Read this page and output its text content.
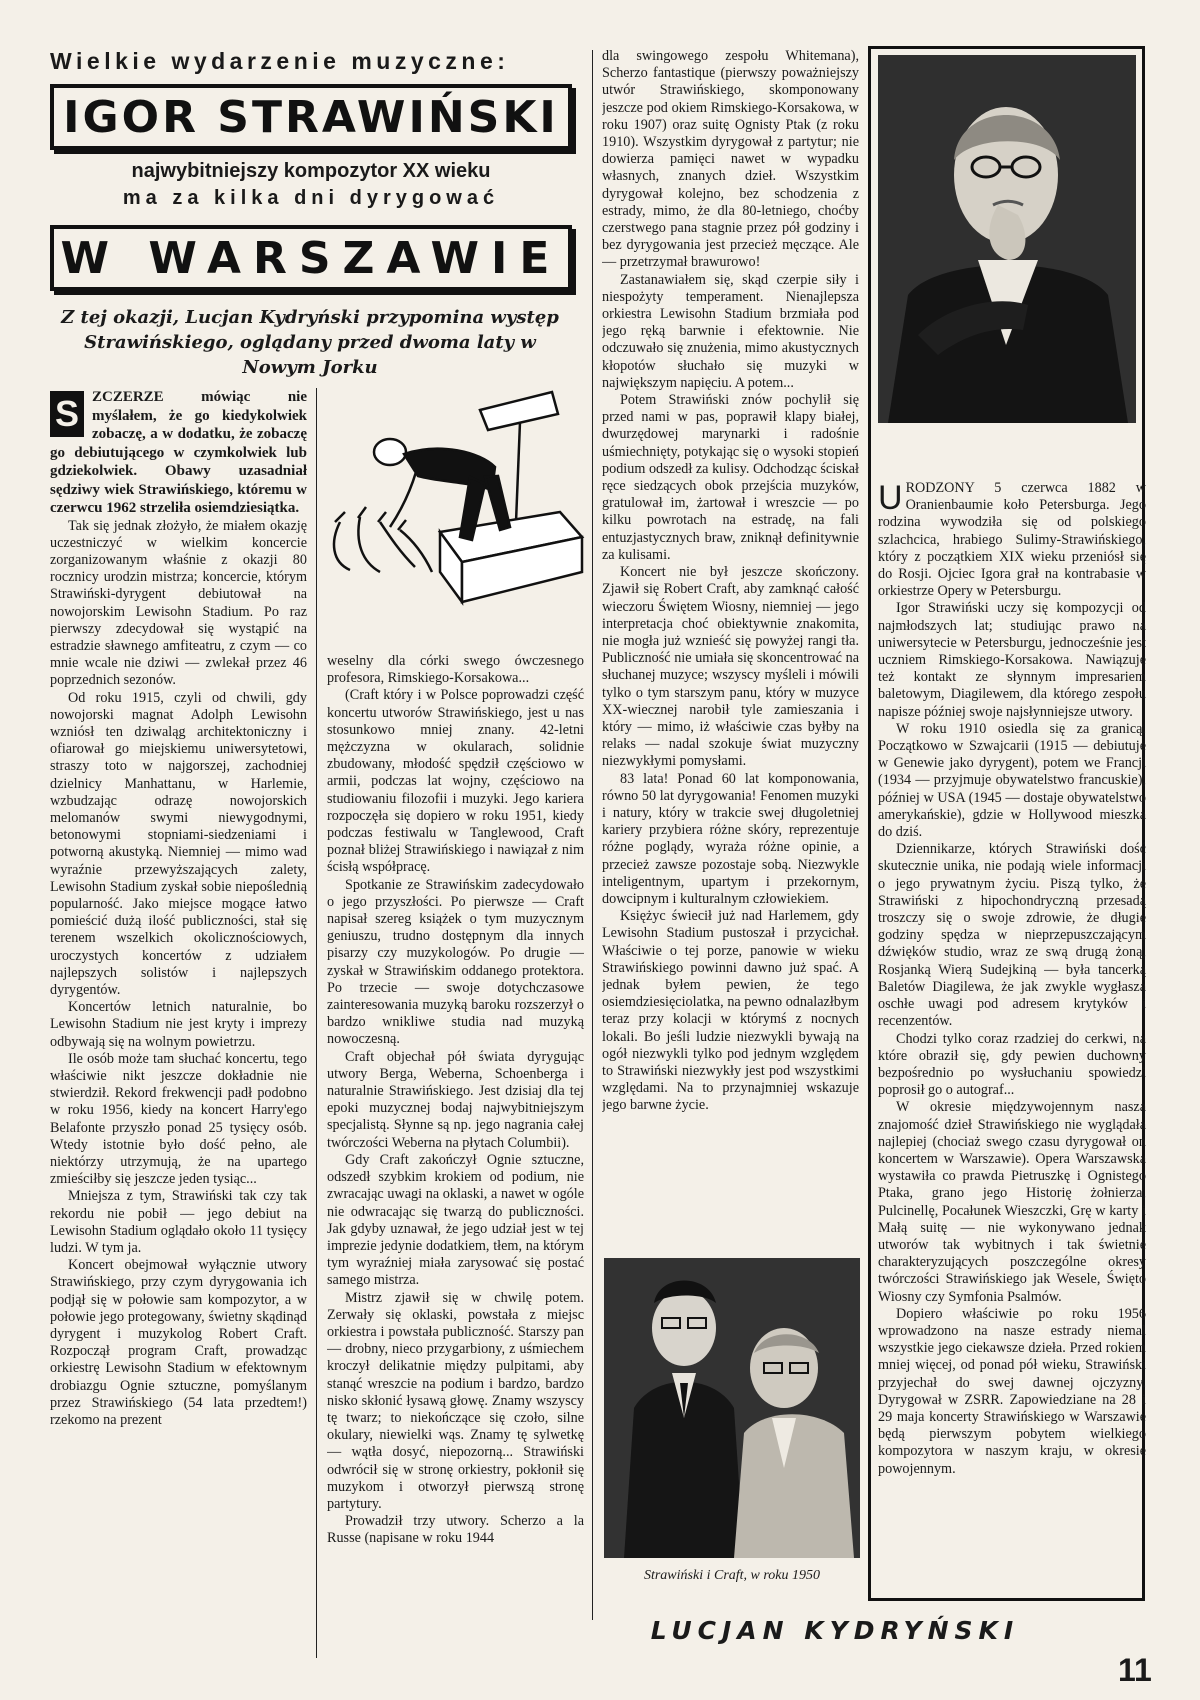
Wielkie wydarzenie muzyczne:
IGOR STRAWIŃSKI
najwybitniejszy kompozytor XX wieku
ma za kilka dni dyrygować
W WARSZAWIE
Z tej okazji, Lucjan Kydryński przypomina występ Strawińskiego, oglądany przed dwoma laty w Nowym Jorku
S ZCZERZE mówiąc nie myślałem, że go kiedykolwiek zobaczę, a w dodatku, że zobaczę go debiutującego w czymkolwiek lub gdziekolwiek. Obawy uzasadniał sędziwy wiek Strawińskiego, któremu w czerwcu 1962 strzeliła osiemdziesiątka.

Tak się jednak złożyło, że miałem okazję uczestniczyć w wielkim koncercie zorganizowanym właśnie z okazji 80 rocznicy urodzin mistrza; koncercie, którym Strawiński-dyrygent debiutował na nowojorskim Lewisohn Stadium. Po raz pierwszy zdecydował się wystąpić na estradzie sławnego amfiteatru, z czym — co mnie wcale nie dziwi — zwlekał przez 46 poprzednich sezonów.

Od roku 1915, czyli od chwili, gdy nowojorski magnat Adolph Lewisohn wzniósł ten dziwaląg architektoniczny i ofiarował go miejskiemu uniwersytetowi, straszy toto w najgorszej, zachodniej dzielnicy Manhattanu, w Harlemie, wzbudzając odrazę nowojorskich melomanów swymi niewygodnymi, betonowymi stopniami-siedzeniami i potworną akustyką. Niemniej — mimo wad wyraźnie przewyższających zalety, Lewisohn Stadium zyskał sobie niepoślednią popularność. Jako miejsce mogące łatwo pomieścić dużą ilość publiczności, stał się terenem wszelkich okolicznościowych, uroczystych koncertów z udziałem najlepszych solistów i najlepszych dyrygentów.

Koncertów letnich naturalnie, bo Lewisohn Stadium nie jest kryty i imprezy odbywają się na wolnym powietrzu.

Ile osób może tam słuchać koncertu, tego właściwie nikt jeszcze dokładnie nie stwierdził. Rekord frekwencji padł podobno w roku 1956, kiedy na koncert Harry'ego Belafonte przyszło ponad 25 tysięcy osób. Wtedy istotnie było dość pełno, ale niektórzy utrzymują, że na upartego zmieściłby się jeszcze jeden tysiąc...

Mniejsza z tym, Strawiński tak czy tak rekordu nie pobił — jego debiut na Lewisohn Stadium oglądało około 11 tysięcy ludzi. W tym ja.

Koncert obejmował wyłącznie utwory Strawińskiego, przy czym dyrygowania ich podjął się w połowie sam kompozytor, a w połowie jego protegowany, świetny skądinąd dyrygent i muzykolog Robert Craft. Rozpoczął program Craft, prowadząc orkiestrę Lewisohn Stadium w efektownym drobiazgu Ognie sztuczne, pomyślanym przez Strawińskiego (54 lata przedtem!) rzekomo na prezent

weselny dla córki swego ówczesnego profesora, Rimskiego-Korsakowa...

(Craft który i w Polsce poprowadzi część koncertu utworów Strawińskiego, jest u nas stosunkowo mniej znany. 42-letni mężczyzna w okularach, solidnie zbudowany, młodość spędził częściowo w armii, podczas lat wojny, częściowo na studiowaniu filozofii i muzyki. Jego kariera rozpoczęła się dopiero w roku 1951, kiedy podczas festiwalu w Tanglewood, Craft poznał bliżej Strawińskiego i nawiązał z nim ścisłą współpracę.

Spotkanie ze Strawińskim zadecydowało o jego przyszłości. Po pierwsze — Craft napisał szereg książek o tym muzycznym geniuszu, trudno dostępnym dla innych pisarzy czy muzykologów. Po drugie — zyskał w Strawińskim oddanego protektora. Po trzecie — swoje dotychczasowe zainteresowania muzyką baroku rozszerzył o bardzo wnikliwe studia nad muzyką nowoczesną.

Craft objechał pół świata dyrygując utwory Berga, Weberna, Schoenberga i naturalnie Strawińskiego. Jest dzisiaj dla tej epoki muzycznej bodaj najwybitniejszym specjalistą. Słynne są np. jego nagrania całej twórczości Weberna na płytach Columbii).

Gdy Craft zakończył Ognie sztuczne, odszedł szybkim krokiem od podium, nie zwracając uwagi na oklaski, a nawet w ogóle nie odwracając się twarzą do publiczności. Jak gdyby uznawał, że jego udział jest w tej imprezie jedynie dodatkiem, tłem, na którym tym wyraźniej miała zarysować się postać samego mistrza.

Mistrz zjawił się w chwilę potem. Zerwały się oklaski, powstała z miejsc orkiestra i powstała publiczność. Starszy pan — drobny, nieco przygarbiony, z uśmiechem kroczył delikatnie między pulpitami, aby stanąć wreszcie na podium i bardzo, bardzo nisko skłonić łysawą głowę. Znamy wszyscy tę twarz; to niekończące się czoło, silne okulary, niewielki wąs. Znamy tę sylwetkę — wątła dosyć, niepozorną... Strawiński odwrócił się w stronę orkiestry, pokłonił się muzykom i otworzył pierwszą stronę partytury.

Prowadził trzy utwory. Scherzo a la Russe (napisane w roku 1944

dla swingowego zespołu Whitemana), Scherzo fantastique (pierwszy poważniejszy utwór Strawińskiego, skomponowany jeszcze pod okiem Rimskiego-Korsakowa, w roku 1907) oraz suitę Ognisty Ptak (z roku 1910). Wszystkim dyrygował z partytur; nie dowierza pamięci nawet w wypadku własnych, znanych dzieł. Wszystkim dyrygował kolejno, bez schodzenia z estrady, mimo, że dla 80-letniego, choćby czerstwego pana stagnie przez pół godziny i bez dyrygowania jest przecież męczące. Ale — przetrzymał brawurowo!

Zastanawiałem się, skąd czerpie siły i niespożyty temperament. Nienajlepsza orkiestra Lewisohn Stadium brzmiała pod jego ręką barwnie i efektownie. Nie odczuwało się znużenia, mimo akustycznych kłopotów słuchało się muzyki w największym napięciu. A potem...

Potem Strawiński znów pochylił się przed nami w pas, poprawił klapy białej, dwurzędowej marynarki i radośnie uśmiechnięty, potykając się o wysoki stopień podium odszedł za kulisy. Odchodząc ściskał ręce siedzących obok przejścia muzyków, gratulował im, żartował i wreszcie — po kilku powrotach na estradę, na fali entuzjastycznych braw, zniknął definitywnie za kulisami.

Koncert nie był jeszcze skończony. Zjawił się Robert Craft, aby zamknąć całość wieczoru Świętem Wiosny, niemniej — jego interpretacja choć obiektywnie znakomita, nie mogła już wznieść się powyżej rangi tła. Publiczność nie umiała się skoncentrować na słuchanej muzyce; wszyscy myśleli i mówili tylko o tym starszym panu, który w muzyce XX-wiecznej narobił tyle zamieszania i który — mimo, iż właściwie czas byłby na relaks — nadal szokuje świat muzyczny niezwykłymi pomysłami.

83 lata! Ponad 60 lat komponowania, równo 50 lat dyrygowania! Fenomen muzyki i natury, który w trakcie swej długoletniej kariery przybiera różne skóry, reprezentuje różne poglądy, wyraża różne opinie, a przecież zawsze pozostaje sobą. Niezwykle inteligentnym, upartym i przekornym, dowcipnym i kulturalnym człowiekiem.

Księżyc świecił już nad Harlemem, gdy Lewisohn Stadium pustoszał i przycichał. Właściwie o tej porze, panowie w wieku Strawińskiego powinni dawno już spać. A jednak byłem pewien, że tego osiemdziesięciolatka, na pewno odnalazłbym teraz przy kolacji w którymś z nocnych lokali. Bo jeśli ludzie niezwykli bywają na ogół niezwykli tylko pod jednym względem to Strawiński niezwykły jest pod wszystkimi względami. Na to przynajmniej wskazuje jego barwne życie.

Strawiński i Craft, w roku 1950
U RODZONY 5 czerwca 1882 w Oranienbaumie koło Petersburga. Jego rodzina wywodziła się od polskiego szlachcica, hrabiego Sulimy-Strawińskiego, który z początkiem XIX wieku przeniósł się do Rosji. Ojciec Igora grał na kontrabasie w orkiestrze Opery w Petersburgu.

Igor Strawiński uczy się kompozycji od najmłodszych lat; studiując prawo na uniwersytecie w Petersburgu, jednocześnie jest uczniem Rimskiego-Korsakowa. Nawiązuje też kontakt ze słynnym impresariem baletowym, Diagilewem, dla którego zespołu napisze później swoje najsłynniejsze utwory.

W roku 1910 osiedla się za granicą. Początkowo w Szwajcarii (1915 — debiutuje w Genewie jako dyrygent), potem we Francji (1934 — przyjmuje obywatelstwo francuskie), później w USA (1945 — dostaje obywatelstwo amerykańskie), gdzie w Hollywood mieszka do dziś.

Dziennikarze, których Strawiński dość skutecznie unika, nie podają wiele informacji o jego prywatnym życiu. Piszą tylko, że Strawiński z hipochondryczną przesadą troszczy się o swoje zdrowie, że długie godziny spędza w nieprzepuszczającym dźwięków studio, wraz ze swą drugą żoną, Rosjanką Wierą Sudejkiną — była tancerką Baletów Diagilewa, że jak zwykle wygłasza oschłe uwagi pod adresem krytyków i recenzentów.

Chodzi tylko coraz rzadziej do cerkwi, na które obraził się, gdy pewien duchowny bezpośrednio po wysłuchaniu spowiedzi poprosił go o autograf...

W okresie międzywojennym nasza znajomość dzieł Strawińskiego nie wyglądała najlepiej (chociaż swego czasu dyrygował on koncertem w Warszawie). Opera Warszawska wystawiła co prawda Pietruszkę i Ognistego Ptaka, grano jego Historię żołnierza, Pulcinellę, Pocałunek Wieszczki, Grę w karty i Małą suitę — nie wykonywano jednak utworów tak wybitnych i tak świetnie charakteryzujących poszczególne okresy twórczości Strawińskiego jak Wesele, Święto Wiosny czy Symfonia Psalmów.

Dopiero właściwie po roku 1956 wprowadzono na nasze estrady niemal wszystkie jego ciekawsze dzieła. Przed rokiem mniej więcej, od ponad pół wieku, Strawiński przyjechał do swej dawnej ojczyzny. Dyrygował w ZSRR. Zapowiedziane na 28 i 29 maja koncerty Strawińskiego w Warszawie będą pierwszym pobytem wielkiego kompozytora w naszym kraju, w okresie powojennym.

LUCJAN KYDRYŃSKI
11
